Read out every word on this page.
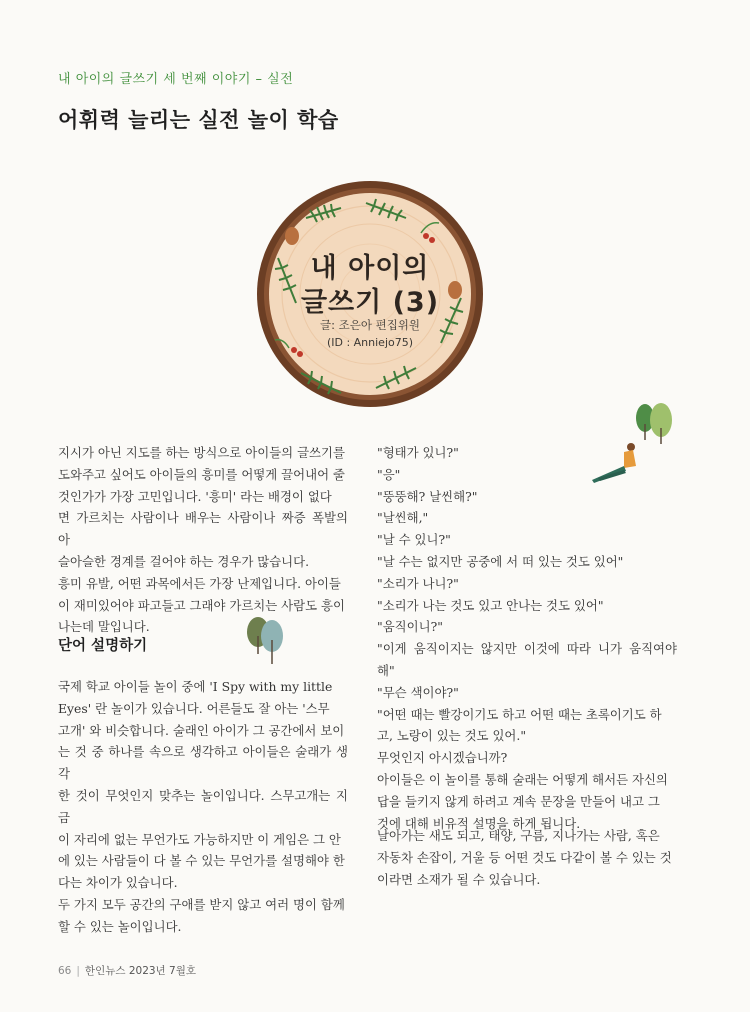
내 아이의 글쓰기 세 번째 이야기 – 실전
어휘력 늘리는 실전 놀이 학습
내 아이의
글쓰기 (3)
글: 조은아 편집위원
(ID : Anniejo75)

지시가 아닌 지도를 하는 방식으로 아이들의 글쓰기를
도와주고 싶어도 아이들의 흥미를 어떻게 끌어내어 줄
것인가가 가장 고민입니다. '흥미' 라는 배경이 없다
면 가르치는 사람이나 배우는 사람이나 짜증 폭발의 아
슬아슬한 경계를 걸어야 하는 경우가 많습니다.
흥미 유발, 어떤 과목에서든 가장 난제입니다. 아이들
이 재미있어야 파고들고 그래야 가르치는 사람도 흥이
나는데 말입니다.

단어 설명하기

국제 학교 아이들 놀이 중에 'I Spy with my little
Eyes' 란 놀이가 있습니다. 어른들도 잘 아는 '스무
고개' 와 비슷합니다. 술래인 아이가 그 공간에서 보이
는 것 중 하나를 속으로 생각하고 아이들은 술래가 생각
한 것이 무엇인지 맞추는 놀이입니다. 스무고개는 지금
이 자리에 없는 무언가도 가능하지만 이 게임은 그 안
에 있는 사람들이 다 볼 수 있는 무언가를 설명해야 한
다는 차이가 있습니다.
두 가지 모두 공간의 구애를 받지 않고 여러 명이 함께
할 수 있는 놀이입니다.

"형태가 있니?"
"응"
"뚱뚱해? 날씬해?"
"날씬해,"
"날 수 있니?"
"날 수는 없지만 공중에 서 떠 있는 것도 있어"
"소리가 나니?"
"소리가 나는 것도 있고 안나는 것도 있어"
"움직이니?"
"이게 움직이지는 않지만 이것에 따라 니가 움직여야 해"
"무슨 색이야?"
"어떤 때는 빨강이기도 하고 어떤 때는 초록이기도 하
고, 노랑이 있는 것도 있어."
무엇인지 아시겠습니까?
아이들은 이 놀이를 통해 술래는 어떻게 해서든 자신의
답을 들키지 않게 하려고 계속 문장을 만들어 내고 그
것에 대해 비유적 설명을 하게 됩니다.

날아가는 새도 되고, 태양, 구름, 지나가는 사람, 혹은
자동차 손잡이, 거울 등 어떤 것도 다같이 볼 수 있는 것
이라면 소재가 될 수 있습니다.

66 | 한인뉴스 2023년 7월호
